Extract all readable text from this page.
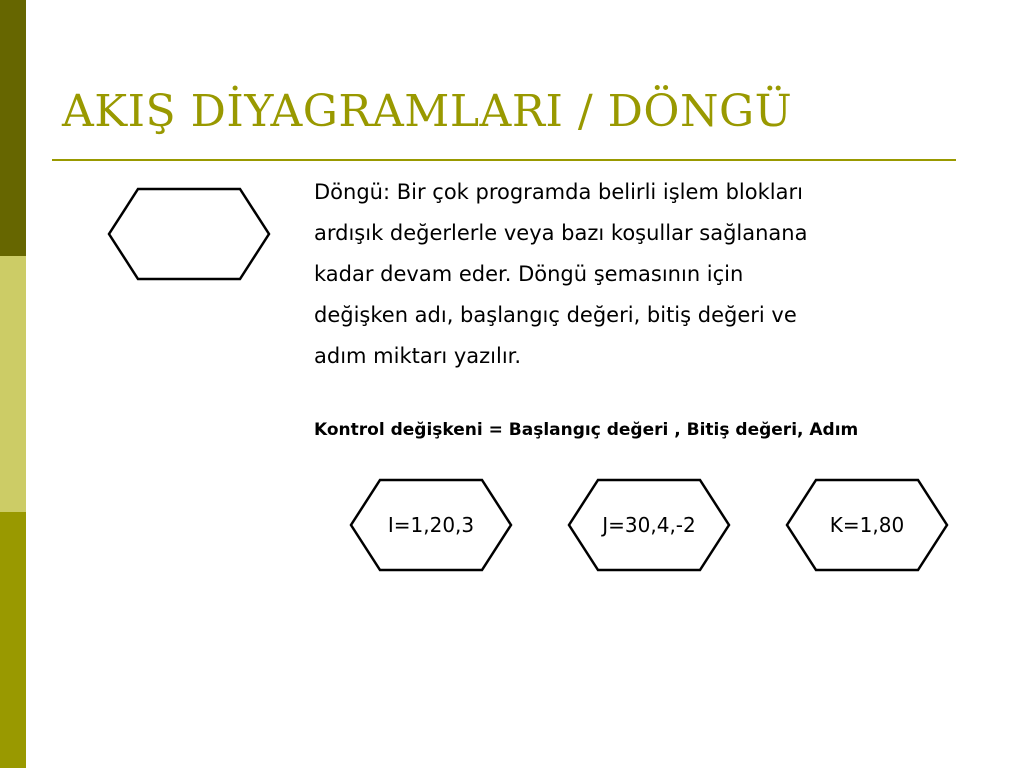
AKIŞ DİYAGRAMLARI / DÖNGÜ

Döngü: Bir çok programda belirli işlem blokları
ardışık değerlerle veya bazı koşullar sağlanana
kadar devam eder. Döngü şemasının için
değişken adı, başlangıç değeri, bitiş değeri ve
adım miktarı yazılır.

Kontrol değişkeni = Başlangıç değeri , Bitiş değeri, Adım

I=1,20,3	J=30,4,-2	K=1,80
